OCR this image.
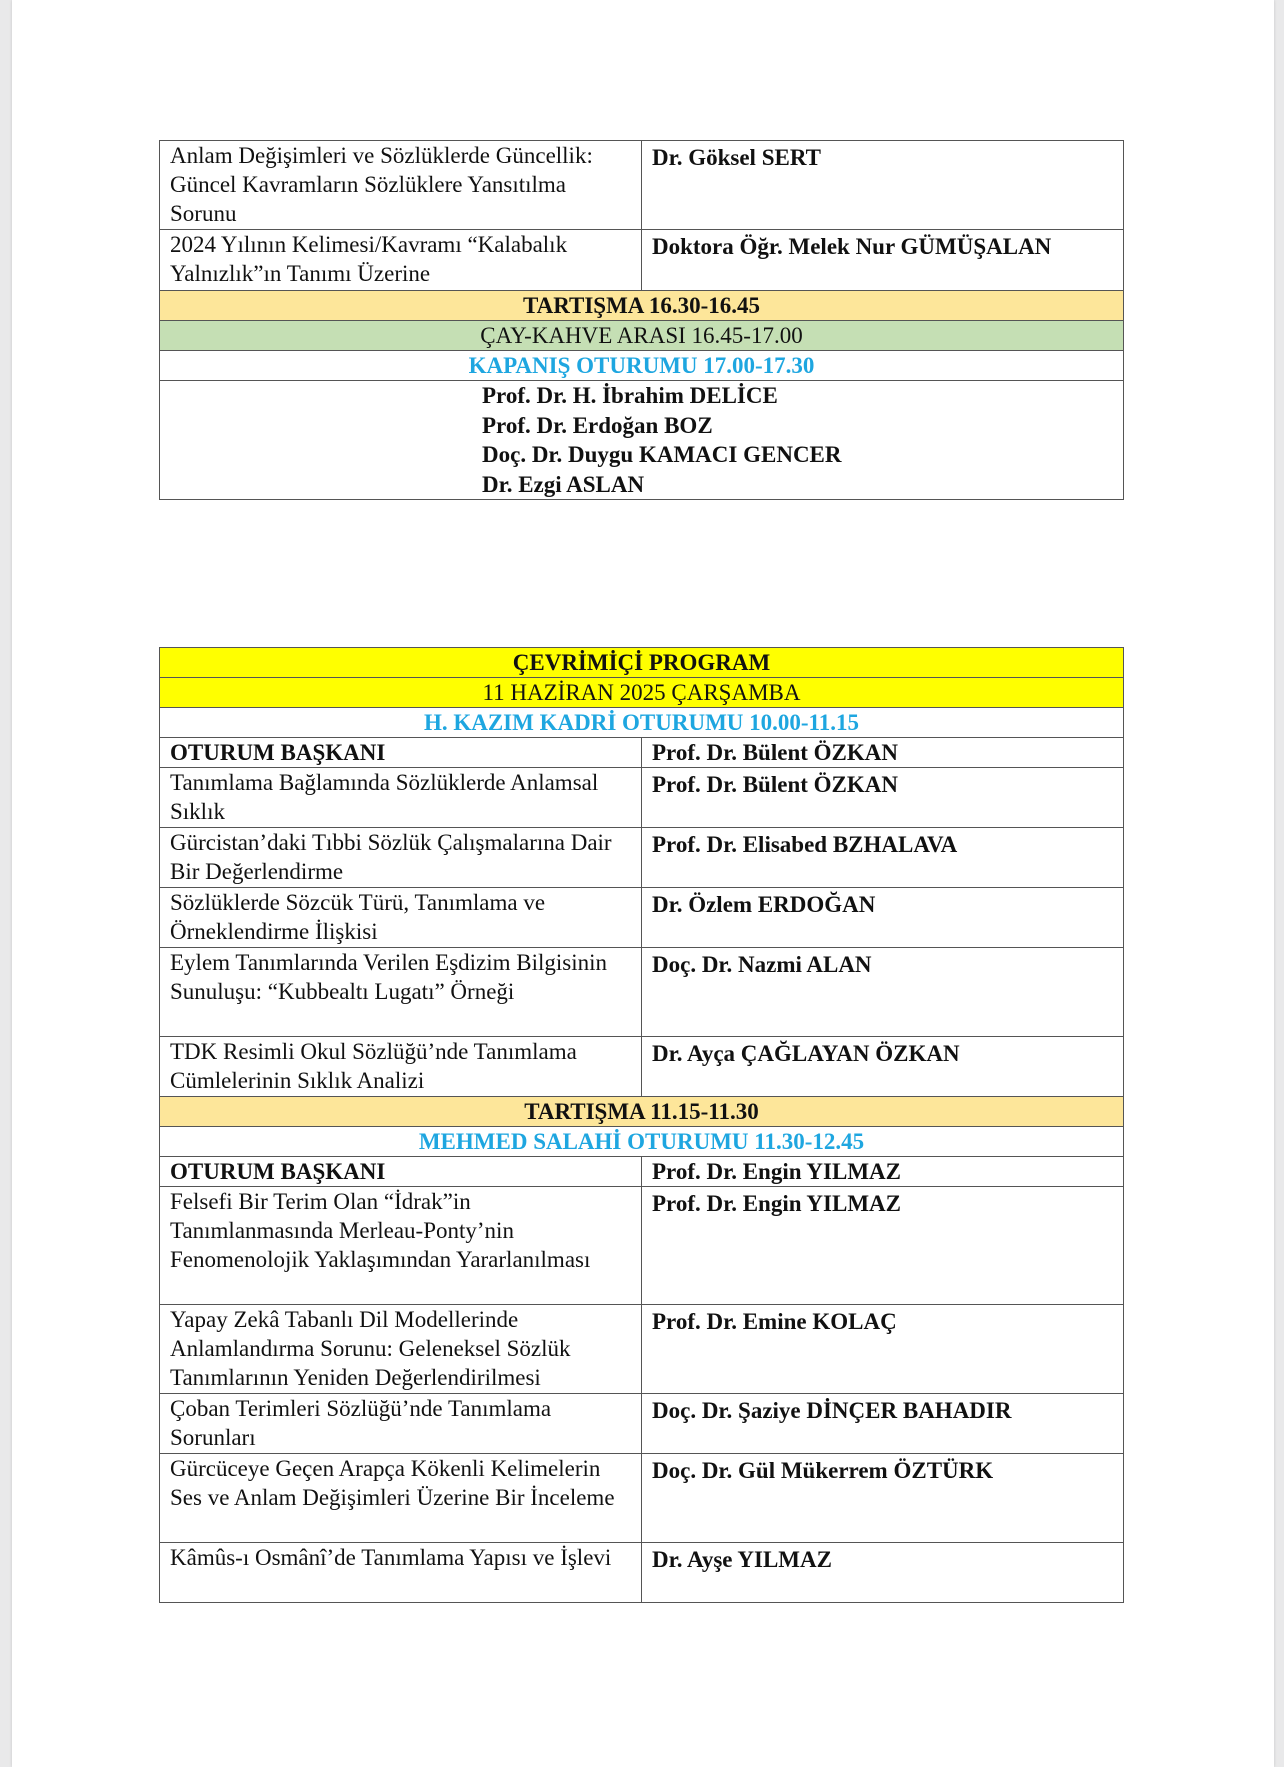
Anlam Değişimleri ve Sözlüklerde Güncellik: Güncel Kavramların Sözlüklere Yansıtılma Sorunu	Dr. Göksel SERT
2024 Yılının Kelimesi/Kavramı “Kalabalık Yalnızlık”ın Tanımı Üzerine	Doktora Öğr. Melek Nur GÜMÜŞALAN
TARTIŞMA 16.30-16.45	
ÇAY-KAHVE ARASI 16.45-17.00	
KAPANIŞ OTURUMU 17.00-17.30	

Prof. Dr. H. İbrahim DELİCE
Prof. Dr. Erdoğan BOZ
Doç. Dr. Duygu KAMACI GENCER
Dr. Ezgi ASLAN	
ÇEVRİMİÇİ PROGRAM	
11 HAZİRAN 2025 ÇARŞAMBA	
H. KAZIM KADRİ OTURUMU 10.00-11.15	
OTURUM BAŞKANI	Prof. Dr. Bülent ÖZKAN
Tanımlama Bağlamında Sözlüklerde Anlamsal Sıklık	Prof. Dr. Bülent ÖZKAN
Gürcistan’daki Tıbbi Sözlük Çalışmalarına Dair Bir Değerlendirme	Prof. Dr. Elisabed BZHALAVA
Sözlüklerde Sözcük Türü, Tanımlama ve Örneklendirme İlişkisi	Dr. Özlem ERDOĞAN
Eylem Tanımlarında Verilen Eşdizim Bilgisinin Sunuluşu: “Kubbealtı Lugatı” Örneği	Doç. Dr. Nazmi ALAN
TDK Resimli Okul Sözlüğü’nde Tanımlama Cümlelerinin Sıklık Analizi	Dr. Ayça ÇAĞLAYAN ÖZKAN
TARTIŞMA 11.15-11.30	
MEHMED SALAHİ OTURUMU 11.30-12.45	
OTURUM BAŞKANI	Prof. Dr. Engin YILMAZ
Felsefi Bir Terim Olan “İdrak”in Tanımlanmasında Merleau-Ponty’nin Fenomenolojik Yaklaşımından Yararlanılması	Prof. Dr. Engin YILMAZ
Yapay Zekâ Tabanlı Dil Modellerinde Anlamlandırma Sorunu: Geleneksel Sözlük Tanımlarının Yeniden Değerlendirilmesi	Prof. Dr. Emine KOLAÇ
Çoban Terimleri Sözlüğü’nde Tanımlama Sorunları	Doç. Dr. Şaziye DİNÇER BAHADIR
Gürcüceye Geçen Arapça Kökenli Kelimelerin Ses ve Anlam Değişimleri Üzerine Bir İnceleme	Doç. Dr. Gül Mükerrem ÖZTÜRK
Kâmûs-ı Osmânî’de Tanımlama Yapısı ve İşlevi	Dr. Ayşe YILMAZ
